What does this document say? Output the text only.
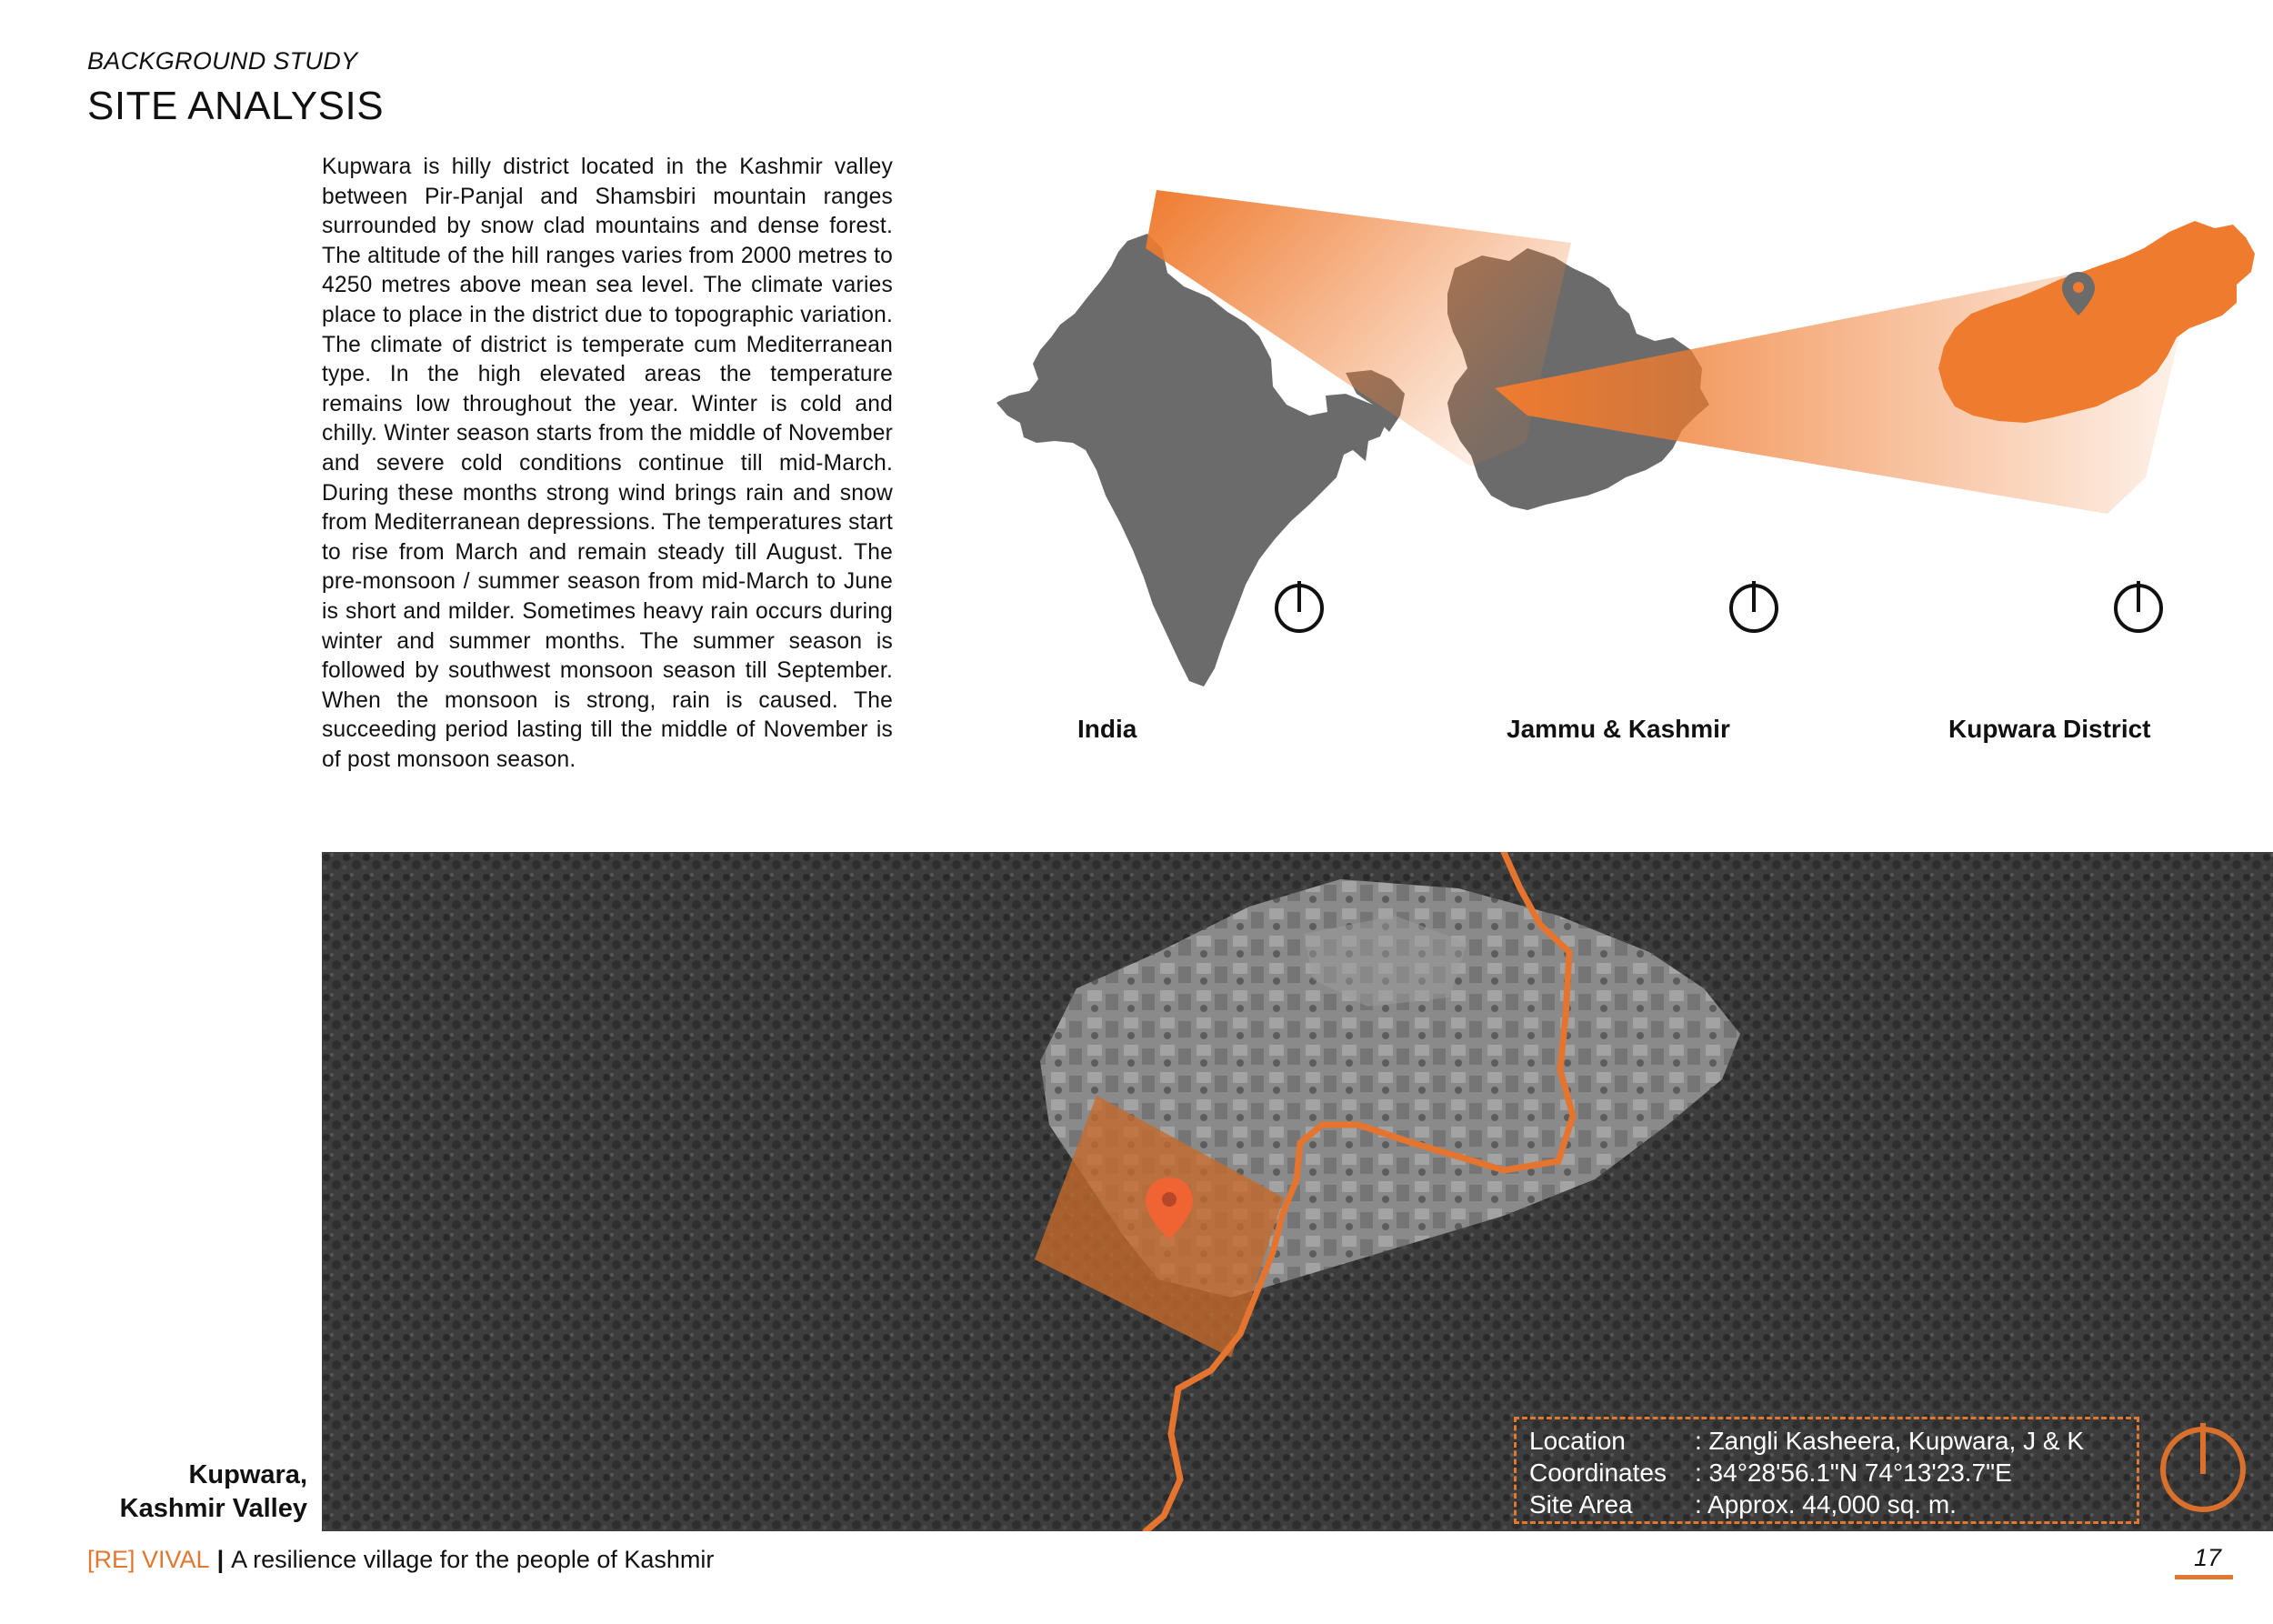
BACKGROUND STUDY
SITE ANALYSIS

Kupwara is hilly district located in the Kashmir valley between Pir-Panjal and Shamsbiri mountain ranges surrounded by snow clad mountains and dense forest. The altitude of the hill ranges varies from 2000 metres to 4250 metres above mean sea level. The climate varies place to place in the district due to topographic variation. The climate of district is temperate cum Mediterranean type. In the high elevated areas the temperature remains low throughout the year. Winter is cold and chilly. Winter season starts from the middle of November and severe cold conditions continue till mid-March. During these months strong wind brings rain and snow from Mediterranean depressions. The temperatures start to rise from March and remain steady till August. The pre-monsoon / summer season from mid-March to June is short and milder. Sometimes heavy rain occurs during winter and summer months. The summer season is followed by southwest monsoon season till September. When the monsoon is strong, rain is caused. The succeeding period lasting till the middle of November is of post monsoon season.

India	Jammu & Kashmir	Kupwara District
Location	: Zangli Kasheera, Kupwara, J & K
Coordinates	: 34°28'56.1"N 74°13'23.7"E
Site Area	: Approx. 44,000 sq. m.
Kupwara,
Kashmir Valley
[RE] VIVAL | A resilience village for the people of Kashmir	17
